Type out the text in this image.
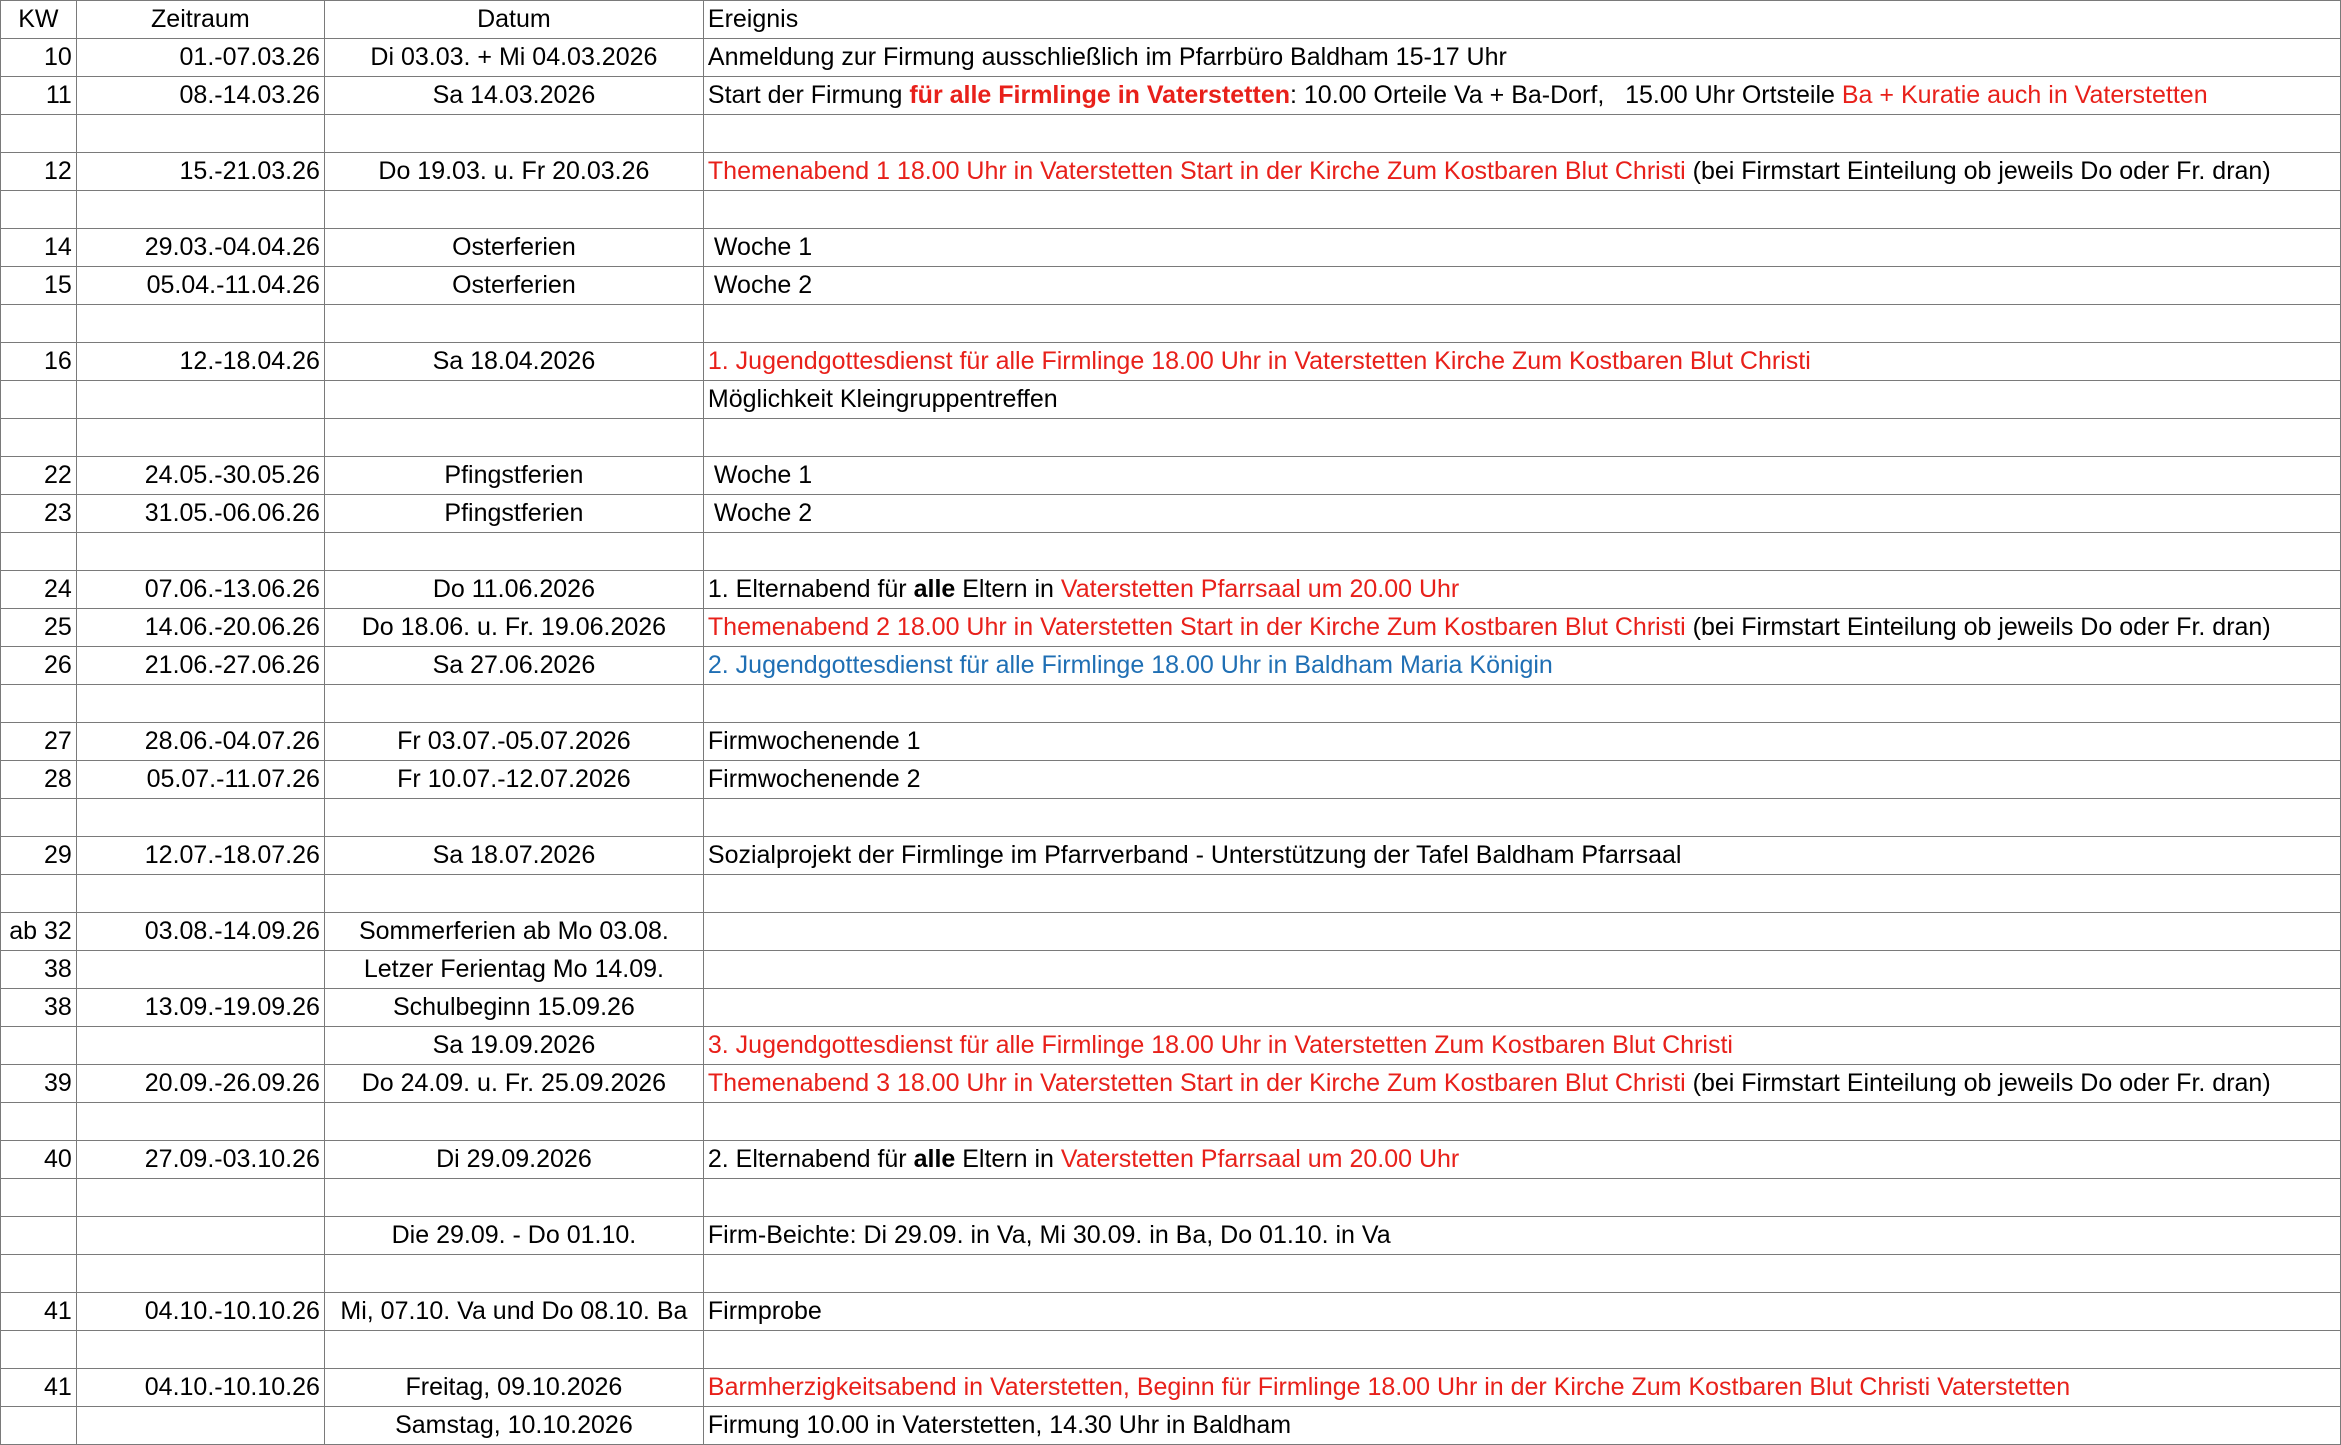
KW	Zeitraum	Datum	Ereignis
10	01.-07.03.26	Di 03.03. + Mi 04.03.2026	Anmeldung zur Firmung ausschließlich im Pfarrbüro Baldham 15-17 Uhr
11	08.-14.03.26	Sa 14.03.2026	Start der Firmung für alle Firmlinge in Vaterstetten: 10.00 Orteile Va + Ba-Dorf,   15.00 Uhr Ortsteile Ba + Kuratie auch in Vaterstetten

12	15.-21.03.26	Do 19.03. u. Fr 20.03.26	Themenabend 1 18.00 Uhr in Vaterstetten Start in der Kirche Zum Kostbaren Blut Christi (bei Firmstart Einteilung ob jeweils Do oder Fr. dran)

14	29.03.-04.04.26	Osterferien	Woche 1
15	05.04.-11.04.26	Osterferien	Woche 2

16	12.-18.04.26	Sa 18.04.2026	1. Jugendgottesdienst für alle Firmlinge 18.00 Uhr in Vaterstetten Kirche Zum Kostbaren Blut Christi
			Möglichkeit Kleingruppentreffen

22	24.05.-30.05.26	Pfingstferien	Woche 1
23	31.05.-06.06.26	Pfingstferien	Woche 2

24	07.06.-13.06.26	Do 11.06.2026	1. Elternabend für alle Eltern in Vaterstetten Pfarrsaal um 20.00 Uhr
25	14.06.-20.06.26	Do 18.06. u. Fr. 19.06.2026	Themenabend 2 18.00 Uhr in Vaterstetten Start in der Kirche Zum Kostbaren Blut Christi (bei Firmstart Einteilung ob jeweils Do oder Fr. dran)
26	21.06.-27.06.26	Sa 27.06.2026	2. Jugendgottesdienst für alle Firmlinge 18.00 Uhr in Baldham Maria Königin

27	28.06.-04.07.26	Fr 03.07.-05.07.2026	Firmwochenende 1
28	05.07.-11.07.26	Fr 10.07.-12.07.2026	Firmwochenende 2

29	12.07.-18.07.26	Sa 18.07.2026	Sozialprojekt der Firmlinge im Pfarrverband - Unterstützung der Tafel Baldham Pfarrsaal

ab 32	03.08.-14.09.26	Sommerferien ab Mo 03.08.	
38		Letzer Ferientag Mo 14.09.	
38	13.09.-19.09.26	Schulbeginn 15.09.26	
		Sa 19.09.2026	3. Jugendgottesdienst für alle Firmlinge 18.00 Uhr in Vaterstetten Zum Kostbaren Blut Christi
39	20.09.-26.09.26	Do 24.09. u. Fr. 25.09.2026	Themenabend 3 18.00 Uhr in Vaterstetten Start in der Kirche Zum Kostbaren Blut Christi (bei Firmstart Einteilung ob jeweils Do oder Fr. dran)

40	27.09.-03.10.26	Di 29.09.2026	2. Elternabend für alle Eltern in Vaterstetten Pfarrsaal um 20.00 Uhr

		Die 29.09. - Do 01.10.	Firm-Beichte: Di 29.09. in Va, Mi 30.09. in Ba, Do 01.10. in Va

41	04.10.-10.10.26	Mi, 07.10. Va und Do 08.10. Ba	Firmprobe

41	04.10.-10.10.26	Freitag, 09.10.2026	Barmherzigkeitsabend in Vaterstetten, Beginn für Firmlinge 18.00 Uhr in der Kirche Zum Kostbaren Blut Christi Vaterstetten
		Samstag, 10.10.2026	Firmung 10.00 in Vaterstetten, 14.30 Uhr in Baldham
